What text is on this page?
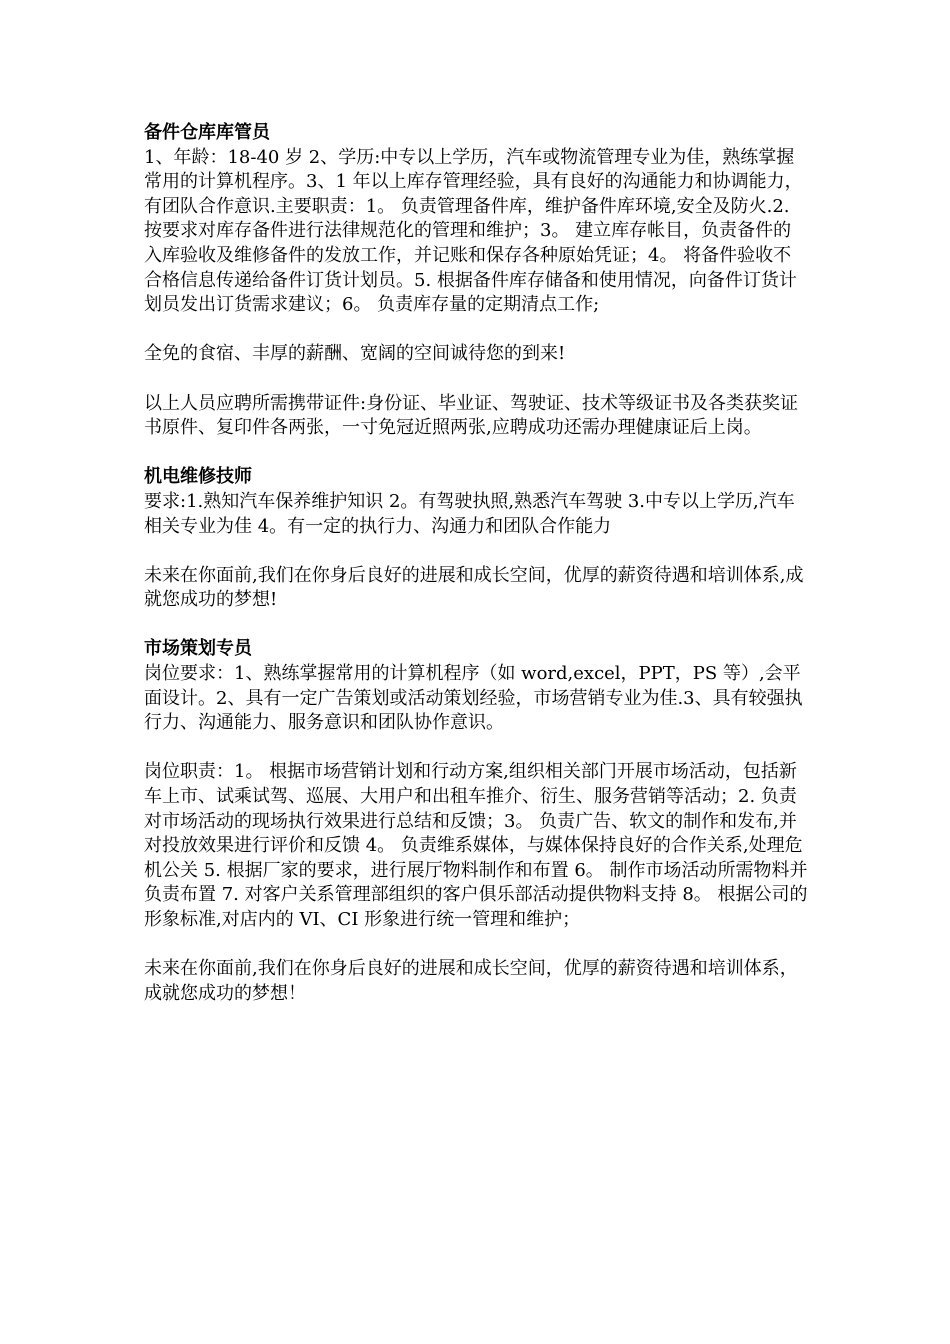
备件仓库库管员

1、年龄：18-40 岁 2、学历:中专以上学历，汽车或物流管理专业为佳，熟练掌握常用的计算机程序。3、1 年以上库存管理经验，具有良好的沟通能力和协调能力，有团队合作意识.主要职责：1。 负责管理备件库，维护备件库环境,安全及防火.2. 按要求对库存备件进行法律规范化的管理和维护；3。 建立库存帐目，负责备件的入库验收及维修备件的发放工作，并记账和保存各种原始凭证；4。 将备件验收不合格信息传递给备件订货计划员。5. 根据备件库存储备和使用情况，向备件订货计划员发出订货需求建议；6。 负责库存量的定期清点工作;

全免的食宿、丰厚的薪酬、宽阔的空间诚待您的到来!

以上人员应聘所需携带证件:身份证、毕业证、驾驶证、技术等级证书及各类获奖证书原件、复印件各两张，一寸免冠近照两张,应聘成功还需办理健康证后上岗。

机电维修技师

要求:1.熟知汽车保养维护知识 2。有驾驶执照,熟悉汽车驾驶 3.中专以上学历,汽车相关专业为佳 4。有一定的执行力、沟通力和团队合作能力

未来在你面前,我们在你身后良好的进展和成长空间，优厚的薪资待遇和培训体系,成就您成功的梦想!

市场策划专员

岗位要求：1、熟练掌握常用的计算机程序（如 word,excel，PPT，PS 等）,会平面设计。2、具有一定广告策划或活动策划经验，市场营销专业为佳.3、具有较强执行力、沟通能力、服务意识和团队协作意识。

岗位职责：1。 根据市场营销计划和行动方案,组织相关部门开展市场活动，包括新车上市、试乘试驾、巡展、大用户和出租车推介、衍生、服务营销等活动；2. 负责对市场活动的现场执行效果进行总结和反馈；3。 负责广告、软文的制作和发布,并对投放效果进行评价和反馈 4。 负责维系媒体，与媒体保持良好的合作关系,处理危机公关 5. 根据厂家的要求，进行展厅物料制作和布置 6。 制作市场活动所需物料并负责布置 7. 对客户关系管理部组织的客户俱乐部活动提供物料支持 8。 根据公司的形象标准,对店内的 VI、CI 形象进行统一管理和维护；

未来在你面前,我们在你身后良好的进展和成长空间，优厚的薪资待遇和培训体系，成就您成功的梦想！
